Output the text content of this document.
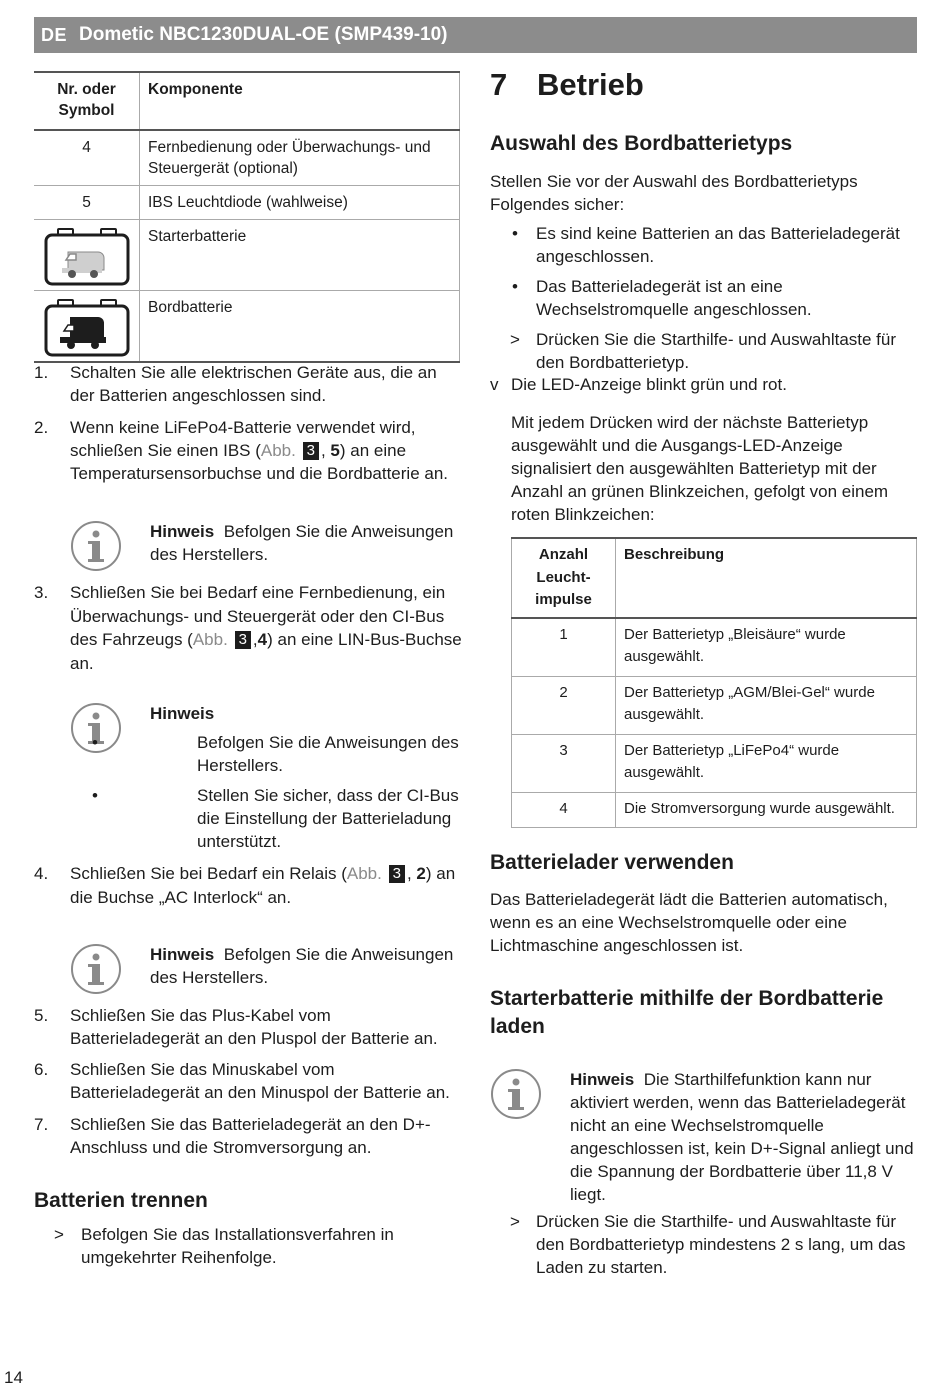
DE Dometic NBC1230DUAL-OE (SMP439-10)
Nr. oder Symbol	Komponente
4	Fernbedienung oder Überwachungs- und Steuergerät (optional)
5	IBS Leuchtdiode (wahlweise)

	Starterbatterie

	Bordbatterie
1. Schalten Sie alle elektrischen Geräte aus, die an der Batterien angeschlossen sind.
2. Wenn keine LiFePo4-Batterie verwendet wird, schließen Sie einen IBS (Abb. 3 , 5) an eine Temperatursensorbuchse und die Bordbatterie an.
Hinweis Befolgen Sie die Anweisungen des Herstellers.
3. Schließen Sie bei Bedarf eine Fernbedienung, ein Überwachungs- und Steuergerät oder den CI-Bus des Fahrzeugs (Abb. 3 ,4) an eine LIN-Bus-Buchse an.
Hinweis
• Befolgen Sie die Anweisungen des Herstellers.
• Stellen Sie sicher, dass der CI-Bus die Einstellung der Batterieladung unterstützt.
4. Schließen Sie bei Bedarf ein Relais (Abb. 3 , 2) an die Buchse „AC Interlock“ an.
Hinweis Befolgen Sie die Anweisungen des Herstellers.
5. Schließen Sie das Plus-Kabel vom Batterieladegerät an den Pluspol der Batterie an.
6. Schließen Sie das Minuskabel vom Batterieladegerät an den Minuspol der Batterie an.
7. Schließen Sie das Batterieladegerät an den D+-Anschluss und die Stromversorgung an.
Batterien trennen
> Befolgen Sie das Installationsverfahren in umgekehrter Reihenfolge.
7 Betrieb
Auswahl des Bordbatterietyps
Stellen Sie vor der Auswahl des Bordbatterietyps Folgendes sicher:
• Es sind keine Batterien an das Batterieladegerät angeschlossen.
• Das Batterieladegerät ist an eine Wechselstromquelle angeschlossen.
> Drücken Sie die Starthilfe- und Auswahltaste für den Bordbatterietyp.
v Die LED-Anzeige blinkt grün und rot.
Mit jedem Drücken wird der nächste Batterietyp ausgewählt und die Ausgangs-LED-Anzeige signalisiert den ausgewählten Batterietyp mit der Anzahl an grünen Blinkzeichen, gefolgt von einem roten Blinkzeichen:
Anzahl Leucht-impulse	Beschreibung
1	Der Batterietyp „Bleisäure“ wurde ausgewählt.
2	Der Batterietyp „AGM/Blei-Gel“ wurde ausgewählt.
3	Der Batterietyp „LiFePo4“ wurde ausgewählt.
4	Die Stromversorgung wurde ausgewählt.
Batterielader verwenden
Das Batterieladegerät lädt die Batterien automatisch, wenn es an eine Wechselstromquelle oder eine Lichtmaschine angeschlossen ist.
Starterbatterie mithilfe der Bordbatterie laden
Hinweis Die Starthilfefunktion kann nur aktiviert werden, wenn das Batterieladegerät nicht an eine Wechselstromquelle angeschlossen ist, kein D+-Signal anliegt und die Spannung der Bordbatterie über 11,8 V liegt.
> Drücken Sie die Starthilfe- und Auswahltaste für den Bordbatterietyp mindestens 2 s lang, um das Laden zu starten.
14
